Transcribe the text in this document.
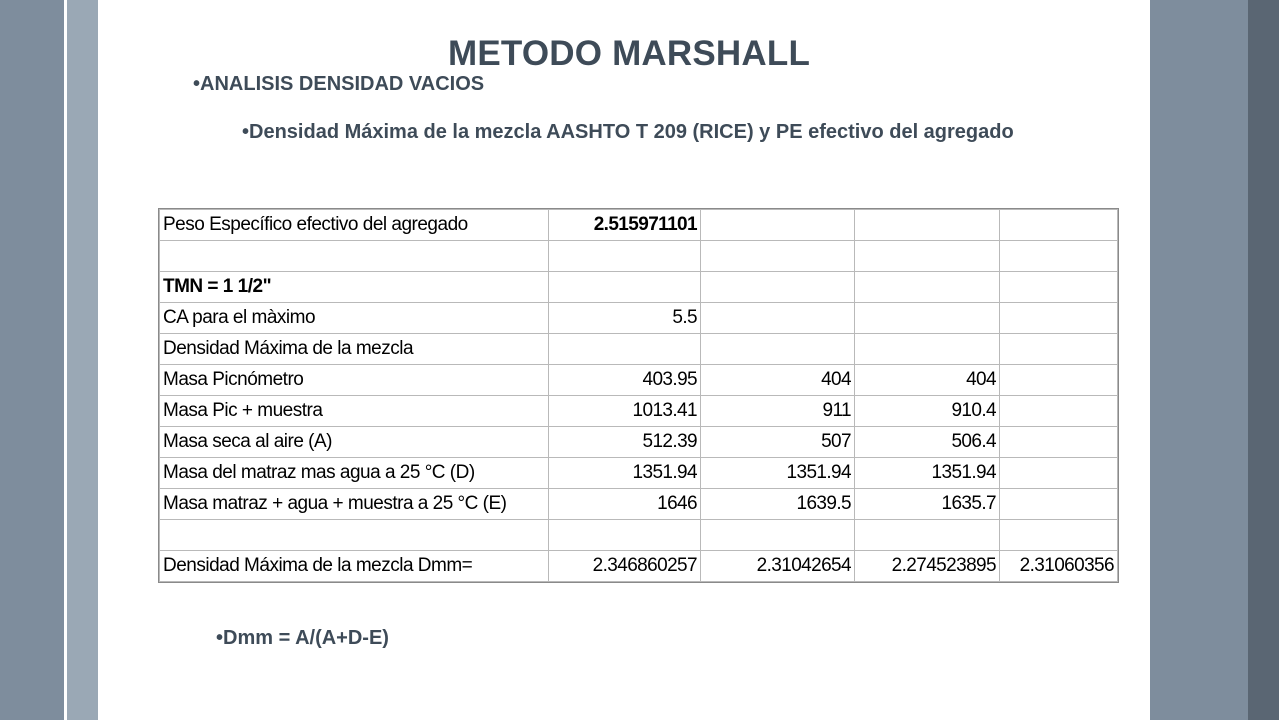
METODO MARSHALL
•ANALISIS DENSIDAD VACIOS
•Densidad Máxima de la mezcla AASHTO T 209 (RICE) y PE efectivo del agregado
Peso Específico efectivo del agregado	2.515971101			

TMN = 1 1/2"				
CA para el màximo	5.5			
Densidad Máxima de la mezcla				
Masa Picnómetro	403.95	404	404	
Masa Pic + muestra	1013.41	911	910.4	
Masa seca al aire (A)	512.39	507	506.4	
Masa del matraz mas agua a 25 °C (D)	1351.94	1351.94	1351.94	
Masa matraz + agua + muestra a 25 °C (E)	1646	1639.5	1635.7	

Densidad Máxima de la mezcla Dmm=	2.346860257	2.31042654	2.274523895	2.31060356
•Dmm = A/(A+D-E)
